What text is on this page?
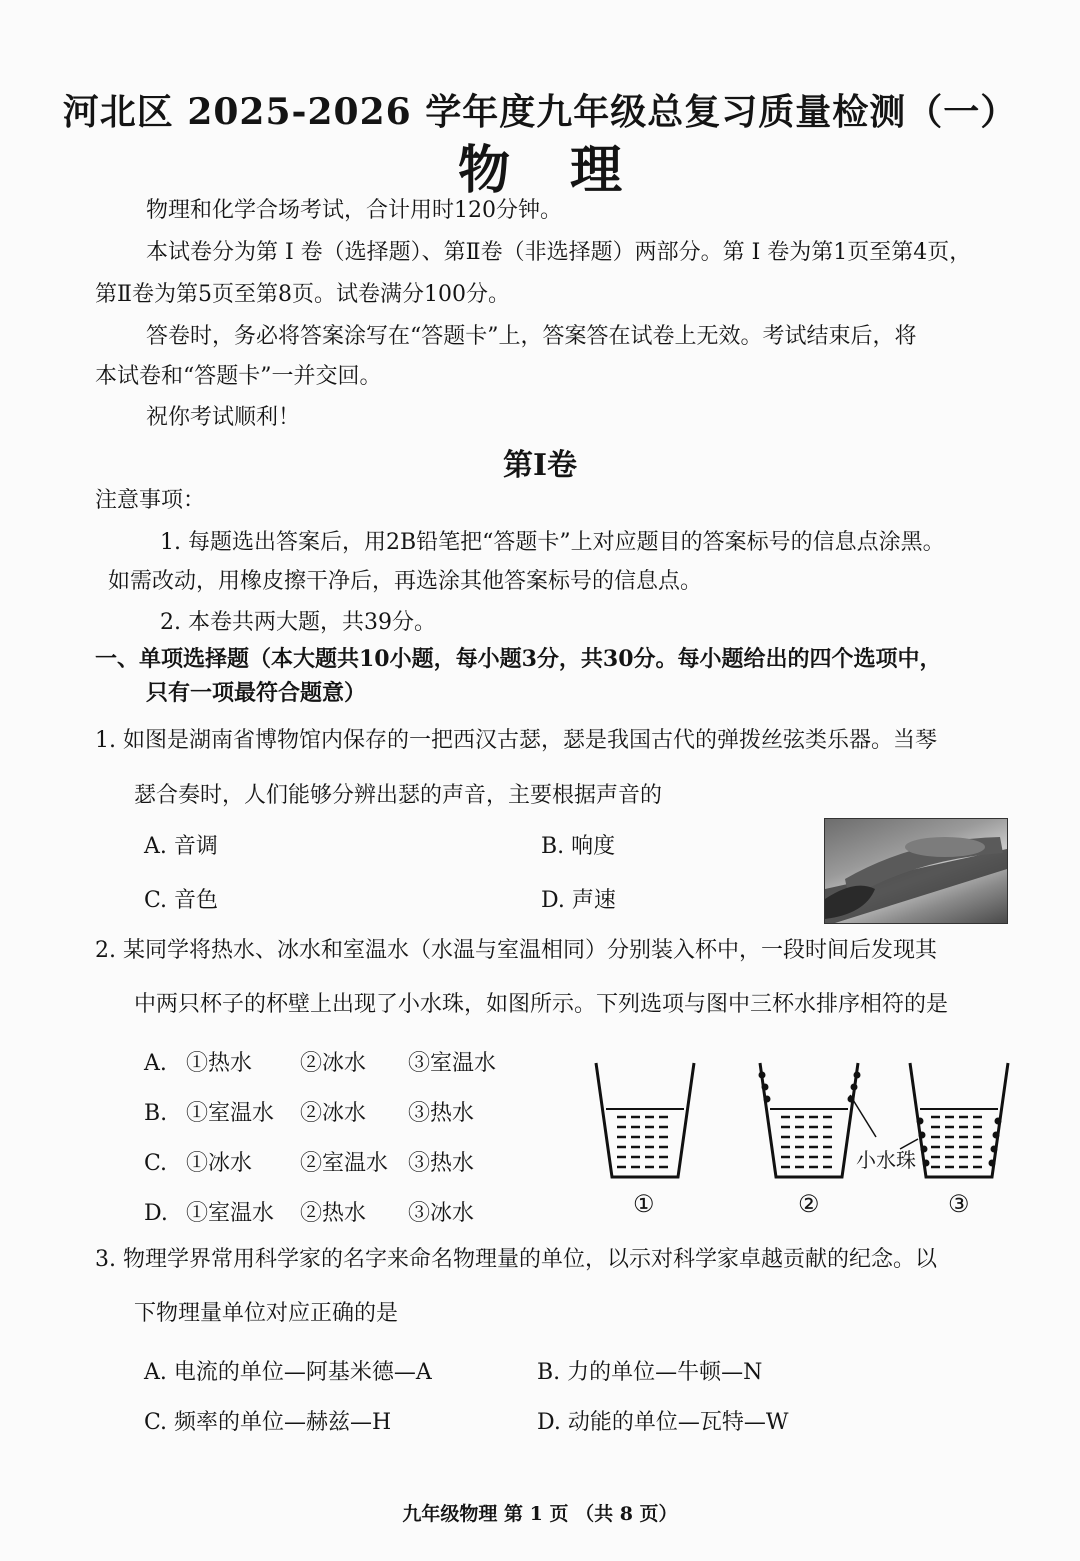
河北区 2025-2026 学年度九年级总复习质量检测（一）
物理
物理和化学合场考试，合计用时120分钟。
本试卷分为第 I 卷（选择题）、第Ⅱ卷（非选择题）两部分。第 I 卷为第1页至第4页，
第Ⅱ卷为第5页至第8页。试卷满分100分。
答卷时，务必将答案涂写在“答题卡”上，答案答在试卷上无效。考试结束后，将
本试卷和“答题卡”一并交回。
祝你考试顺利！
第I卷
注意事项：
1. 每题选出答案后，用2B铅笔把“答题卡”上对应题目的答案标号的信息点涂黑。
如需改动，用橡皮擦干净后，再选涂其他答案标号的信息点。
2. 本卷共两大题，共39分。
一、单项选择题（本大题共10小题，每小题3分，共30分。每小题给出的四个选项中，
只有一项最符合题意）
1. 如图是湖南省博物馆内保存的一把西汉古瑟，瑟是我国古代的弹拨丝弦类乐器。当琴
瑟合奏时，人们能够分辨出瑟的声音，主要根据声音的
A. 音调	B. 响度
C. 音色	D. 声速
2. 某同学将热水、冰水和室温水（水温与室温相同）分别装入杯中，一段时间后发现其
中两只杯子的杯壁上出现了小水珠，如图所示。下列选项与图中三杯水排序相符的是
A. ①热水 ②冰水 ③室温水
B. ①室温水 ②冰水 ③热水
C. ①冰水 ②室温水 ③热水
D. ①室温水 ②热水 ③冰水
小水珠
①	②	③
3. 物理学界常用科学家的名字来命名物理量的单位，以示对科学家卓越贡献的纪念。以
下物理量单位对应正确的是
A. 电流的单位—阿基米德—A	B. 力的单位—牛顿—N
C. 频率的单位—赫兹—H	D. 动能的单位—瓦特—W
九年级物理 第 1 页 （共 8 页）
